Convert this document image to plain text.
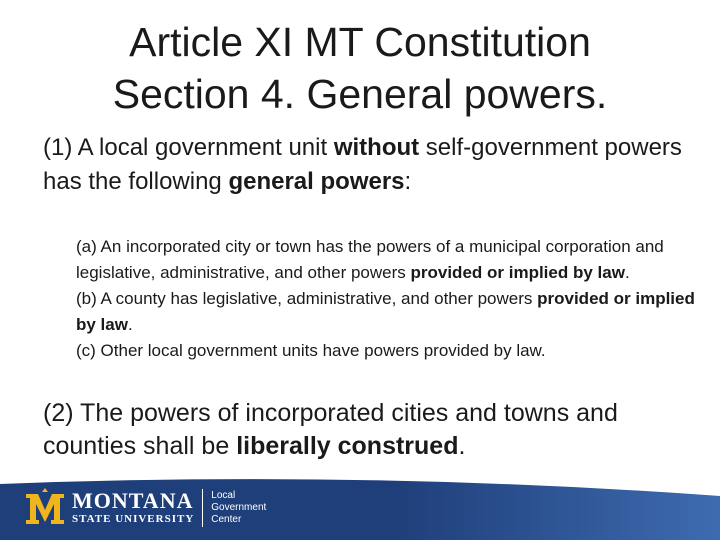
Article XI MT Constitution
Section 4. General powers.
(1) A local government unit without self-government powers has the following general powers:

(a) An incorporated city or town has the powers of a municipal corporation and legislative, administrative, and other powers provided or implied by law.

(b) A county has legislative, administrative, and other powers provided or implied by law.

(c) Other local government units have powers provided by law.

(2) The powers of incorporated cities and towns and counties shall be liberally construed.
MONTANA
STATE UNIVERSITY
Local
Government
Center
